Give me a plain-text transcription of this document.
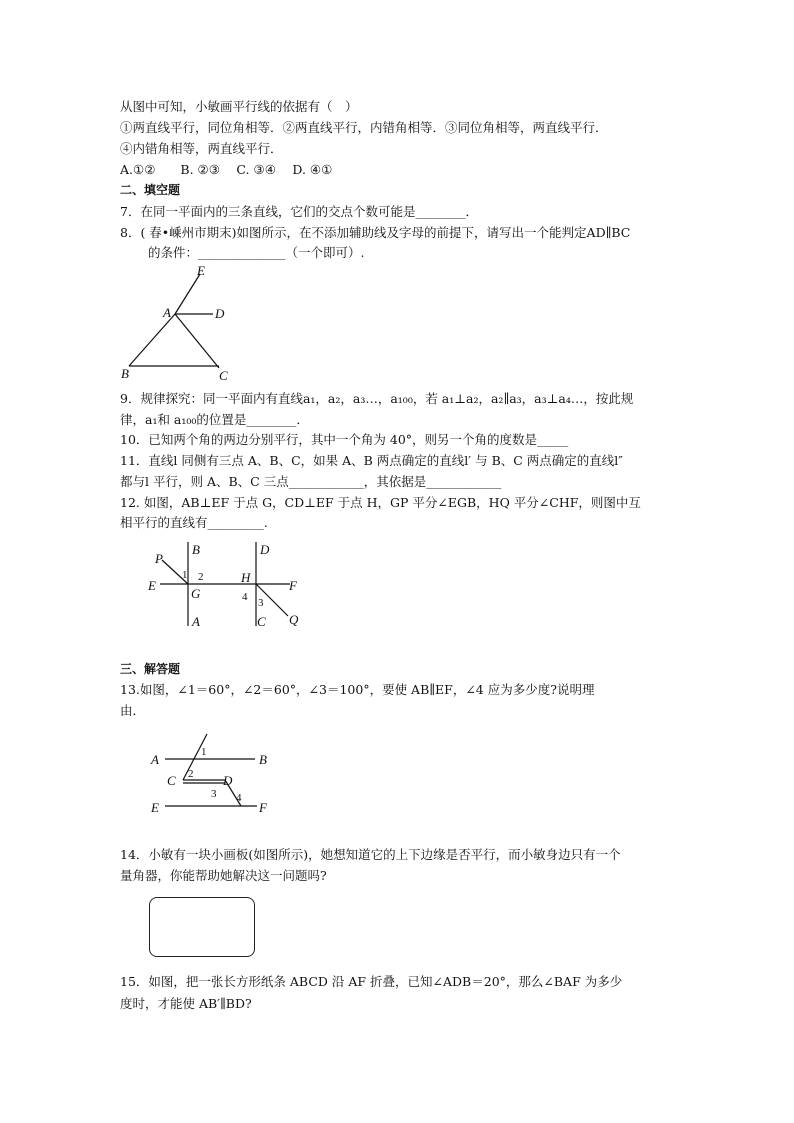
从图中可知，小敏画平行线的依据有（　）
①两直线平行，同位角相等．②两直线平行，内错角相等．③同位角相等，两直线平行．
④内错角相等，两直线平行．
A.①②　　B. ②③　 C. ③④　 D. ④①
二、填空题
7．在同一平面内的三条直线，它们的交点个数可能是________．
8．( 春•嵊州市期末)如图所示，在不添加辅助线及字母的前提下，请写出一个能判定AD∥BC
的条件：______________（一个即可）.
E
A	D
B	C
9．规律探究：同一平面内有直线a₁，a₂，a₃…，a₁₀₀，若 a₁⊥a₂，a₂∥a₃，a₃⊥a₄…，按此规
律，a₁和 a₁₀₀的位置是________．
10．已知两个角的两边分别平行，其中一个角为 40°，则另一个角的度数是_____
11．直线l 同侧有三点 A、B、C，如果 A、B 两点确定的直线l′ 与 B、C 两点确定的直线l″
都与l 平行，则 A、B、C 三点____________，其依据是____________
12. 如图，AB⊥EF 于点 G，CD⊥EF 于点 H，GP 平分∠EGB，HQ 平分∠CHF，则图中互
相平行的直线有_________.
P
B	D
E
G
H
F
A	C Q
1 2
4 3
三、解答题
13.如图，∠1＝60°，∠2＝60°，∠3＝100°，要使 AB∥EF，∠4 应为多少度?说明理
由．
A	B
C	D
E	F
1
2
3 4
14．小敏有一块小画板(如图所示)，她想知道它的上下边缘是否平行，而小敏身边只有一个
量角器，你能帮助她解决这一问题吗?
15．如图，把一张长方形纸条 ABCD 沿 AF 折叠，已知∠ADB＝20°，那么∠BAF 为多少
度时，才能使 AB′∥BD?
